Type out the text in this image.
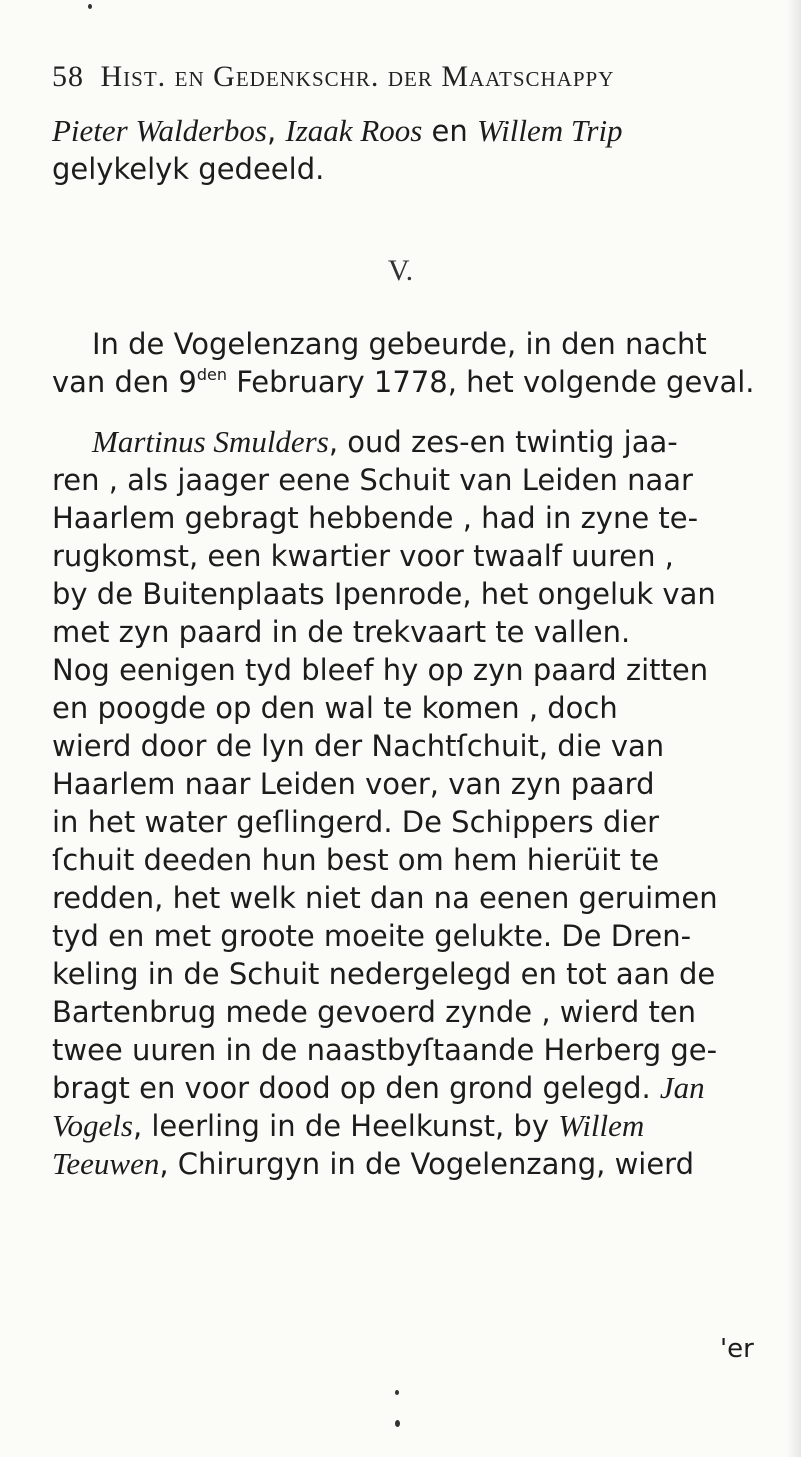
58 Hist. en Gedenkschr. der Maatschappy
Pieter Walderbos, Izaak Roos en Willem Trip
gelykelyk gedeeld.
V.
In de Vogelenzang gebeurde, in den nacht
van den $9^{den}$ February 1778, het volgende geval.
Martinus Smulders, oud zes-en twintig jaa-
ren , als jaager eene Schuit van Leiden naar
Haarlem gebragt hebbende , had in zyne te-
rugkomst, een kwartier voor twaalf uuren ,
by de Buitenplaats Ipenrode, het ongeluk van
met zyn paard in de trekvaart te vallen.
Nog eenigen tyd bleef hy op zyn paard zitten
en poogde op den wal te komen , doch
wierd door de lyn der Nachtſchuit, die van
Haarlem naar Leiden voer, van zyn paard
in het water geſlingerd. De Schippers dier
ſchuit deeden hun best om hem hierüit te
redden, het welk niet dan na eenen geruimen
tyd en met groote moeite gelukte. De Dren-
keling in de Schuit nedergelegd en tot aan de
Bartenbrug mede gevoerd zynde , wierd ten
twee uuren in de naastbyſtaande Herberg ge-
bragt en voor dood op den grond gelegd. Jan
Vogels, leerling in de Heelkunst, by Willem
Teeuwen, Chirurgyn in de Vogelenzang, wierd
'er
